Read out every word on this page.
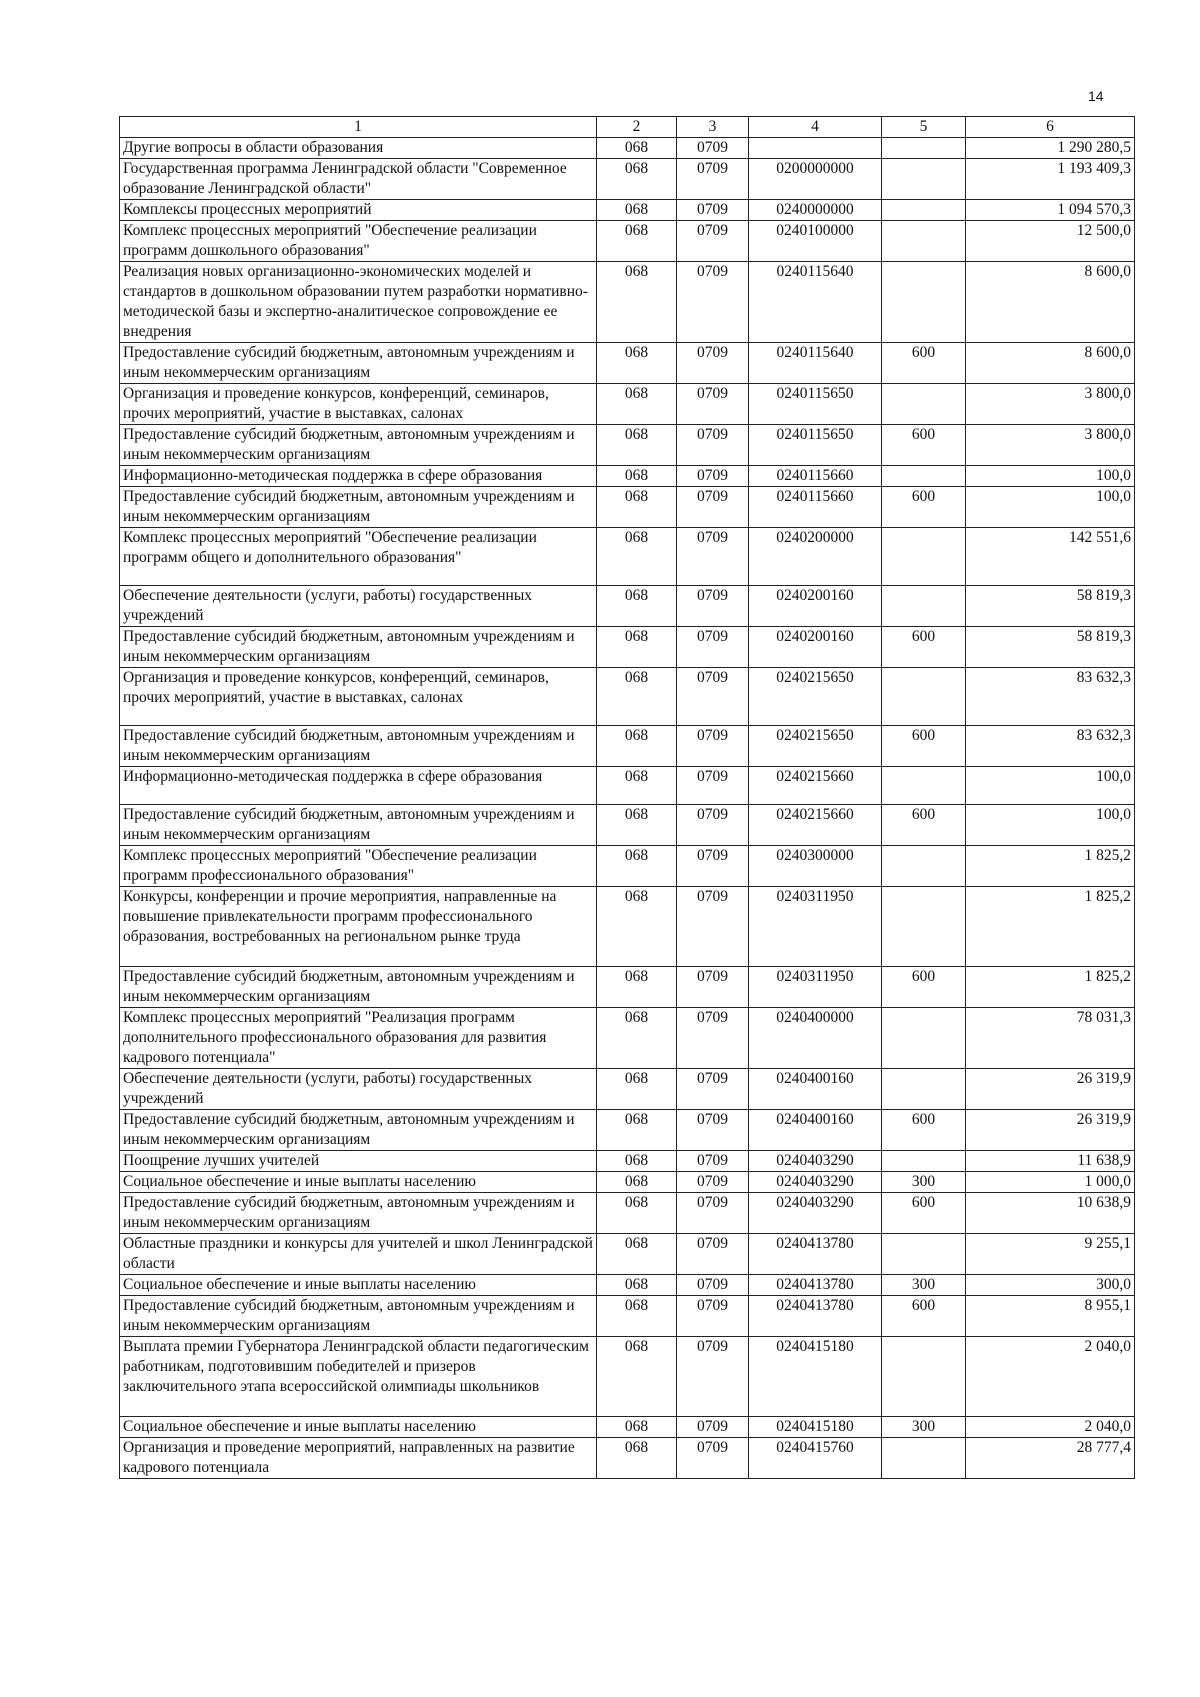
14
1	2	3	4	5	6
Другие вопросы в области образования	068	0709			1 290 280,5
Государственная программа Ленинградской области "Современное образование Ленинградской области"	068	0709	0200000000		1 193 409,3
Комплексы процессных мероприятий	068	0709	0240000000		1 094 570,3
Комплекс процессных мероприятий "Обеспечение реализации программ дошкольного образования"	068	0709	0240100000		12 500,0
Реализация новых организационно-экономических моделей и стандартов в дошкольном образовании путем разработки нормативно-методической базы и экспертно-аналитическое сопровождение ее внедрения	068	0709	0240115640		8 600,0
Предоставление субсидий бюджетным, автономным учреждениям и иным некоммерческим организациям	068	0709	0240115640	600	8 600,0
Организация и проведение конкурсов, конференций, семинаров, прочих мероприятий, участие в выставках, салонах	068	0709	0240115650		3 800,0
Предоставление субсидий бюджетным, автономным учреждениям и иным некоммерческим организациям	068	0709	0240115650	600	3 800,0
Информационно-методическая поддержка в сфере образования	068	0709	0240115660		100,0
Предоставление субсидий бюджетным, автономным учреждениям и иным некоммерческим организациям	068	0709	0240115660	600	100,0
Комплекс процессных мероприятий "Обеспечение реализации программ общего и дополнительного образования"	068	0709	0240200000		142 551,6
Обеспечение деятельности (услуги, работы) государственных учреждений	068	0709	0240200160		58 819,3
Предоставление субсидий бюджетным, автономным учреждениям и иным некоммерческим организациям	068	0709	0240200160	600	58 819,3
Организация и проведение конкурсов, конференций, семинаров, прочих мероприятий, участие в выставках, салонах	068	0709	0240215650		83 632,3
Предоставление субсидий бюджетным, автономным учреждениям и иным некоммерческим организациям	068	0709	0240215650	600	83 632,3
Информационно-методическая поддержка в сфере образования	068	0709	0240215660		100,0
Предоставление субсидий бюджетным, автономным учреждениям и иным некоммерческим организациям	068	0709	0240215660	600	100,0
Комплекс процессных мероприятий "Обеспечение реализации программ профессионального образования"	068	0709	0240300000		1 825,2
Конкурсы, конференции и прочие мероприятия, направленные на повышение привлекательности программ профессионального образования, востребованных на региональном рынке труда	068	0709	0240311950		1 825,2
Предоставление субсидий бюджетным, автономным учреждениям и иным некоммерческим организациям	068	0709	0240311950	600	1 825,2
Комплекс процессных мероприятий "Реализация программ дополнительного профессионального образования для развития кадрового потенциала"	068	0709	0240400000		78 031,3
Обеспечение деятельности (услуги, работы) государственных учреждений	068	0709	0240400160		26 319,9
Предоставление субсидий бюджетным, автономным учреждениям и иным некоммерческим организациям	068	0709	0240400160	600	26 319,9
Поощрение лучших учителей	068	0709	0240403290		11 638,9
Социальное обеспечение и иные выплаты населению	068	0709	0240403290	300	1 000,0
Предоставление субсидий бюджетным, автономным учреждениям и иным некоммерческим организациям	068	0709	0240403290	600	10 638,9
Областные праздники и конкурсы для учителей и школ Ленинградской области	068	0709	0240413780		9 255,1
Социальное обеспечение и иные выплаты населению	068	0709	0240413780	300	300,0
Предоставление субсидий бюджетным, автономным учреждениям и иным некоммерческим организациям	068	0709	0240413780	600	8 955,1
Выплата премии Губернатора Ленинградской области педагогическим работникам, подготовившим победителей и призеров заключительного этапа всероссийской олимпиады школьников	068	0709	0240415180		2 040,0
Социальное обеспечение и иные выплаты населению	068	0709	0240415180	300	2 040,0
Организация и проведение мероприятий, направленных на развитие кадрового потенциала	068	0709	0240415760		28 777,4
